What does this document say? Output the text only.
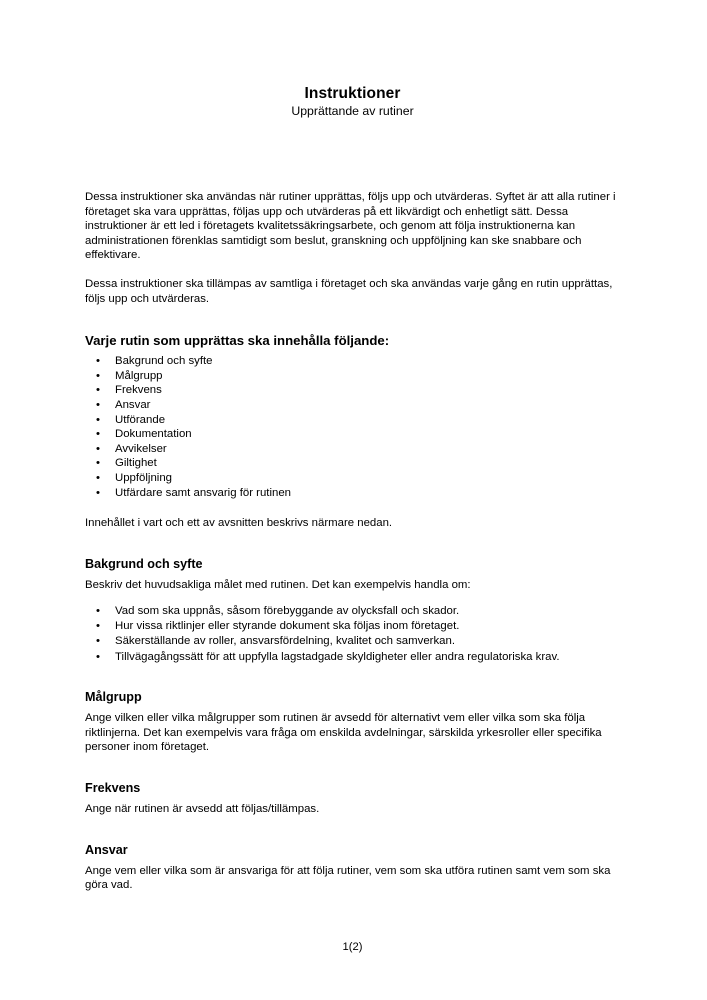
Instruktioner
Upprättande av rutiner

Dessa instruktioner ska användas när rutiner upprättas, följs upp och utvärderas. Syftet är att alla rutiner i företaget ska vara upprättas, följas upp och utvärderas på ett likvärdigt och enhetligt sätt. Dessa instruktioner är ett led i företagets kvalitetssäkringsarbete, och genom att följa instruktionerna kan administrationen förenklas samtidigt som beslut, granskning och uppföljning kan ske snabbare och effektivare.

Dessa instruktioner ska tillämpas av samtliga i företaget och ska användas varje gång en rutin upprättas, följs upp och utvärderas.

Varje rutin som upprättas ska innehålla följande:
• Bakgrund och syfte
• Målgrupp
• Frekvens
• Ansvar
• Utförande
• Dokumentation
• Avvikelser
• Giltighet
• Uppföljning
• Utfärdare samt ansvarig för rutinen

Innehållet i vart och ett av avsnitten beskrivs närmare nedan.

Bakgrund och syfte

Beskriv det huvudsakliga målet med rutinen. Det kan exempelvis handla om:

• Vad som ska uppnås, såsom förebyggande av olycksfall och skador.
• Hur vissa riktlinjer eller styrande dokument ska följas inom företaget.
• Säkerställande av roller, ansvarsfördelning, kvalitet och samverkan.
• Tillvägagångssätt för att uppfylla lagstadgade skyldigheter eller andra regulatoriska krav.
Målgrupp

Ange vilken eller vilka målgrupper som rutinen är avsedd för alternativt vem eller vilka som ska följa riktlinjerna. Det kan exempelvis vara fråga om enskilda avdelningar, särskilda yrkesroller eller specifika personer inom företaget.

Frekvens

Ange när rutinen är avsedd att följas/tillämpas.

Ansvar

Ange vem eller vilka som är ansvariga för att följa rutiner, vem som ska utföra rutinen samt vem som ska göra vad.

1(2)
